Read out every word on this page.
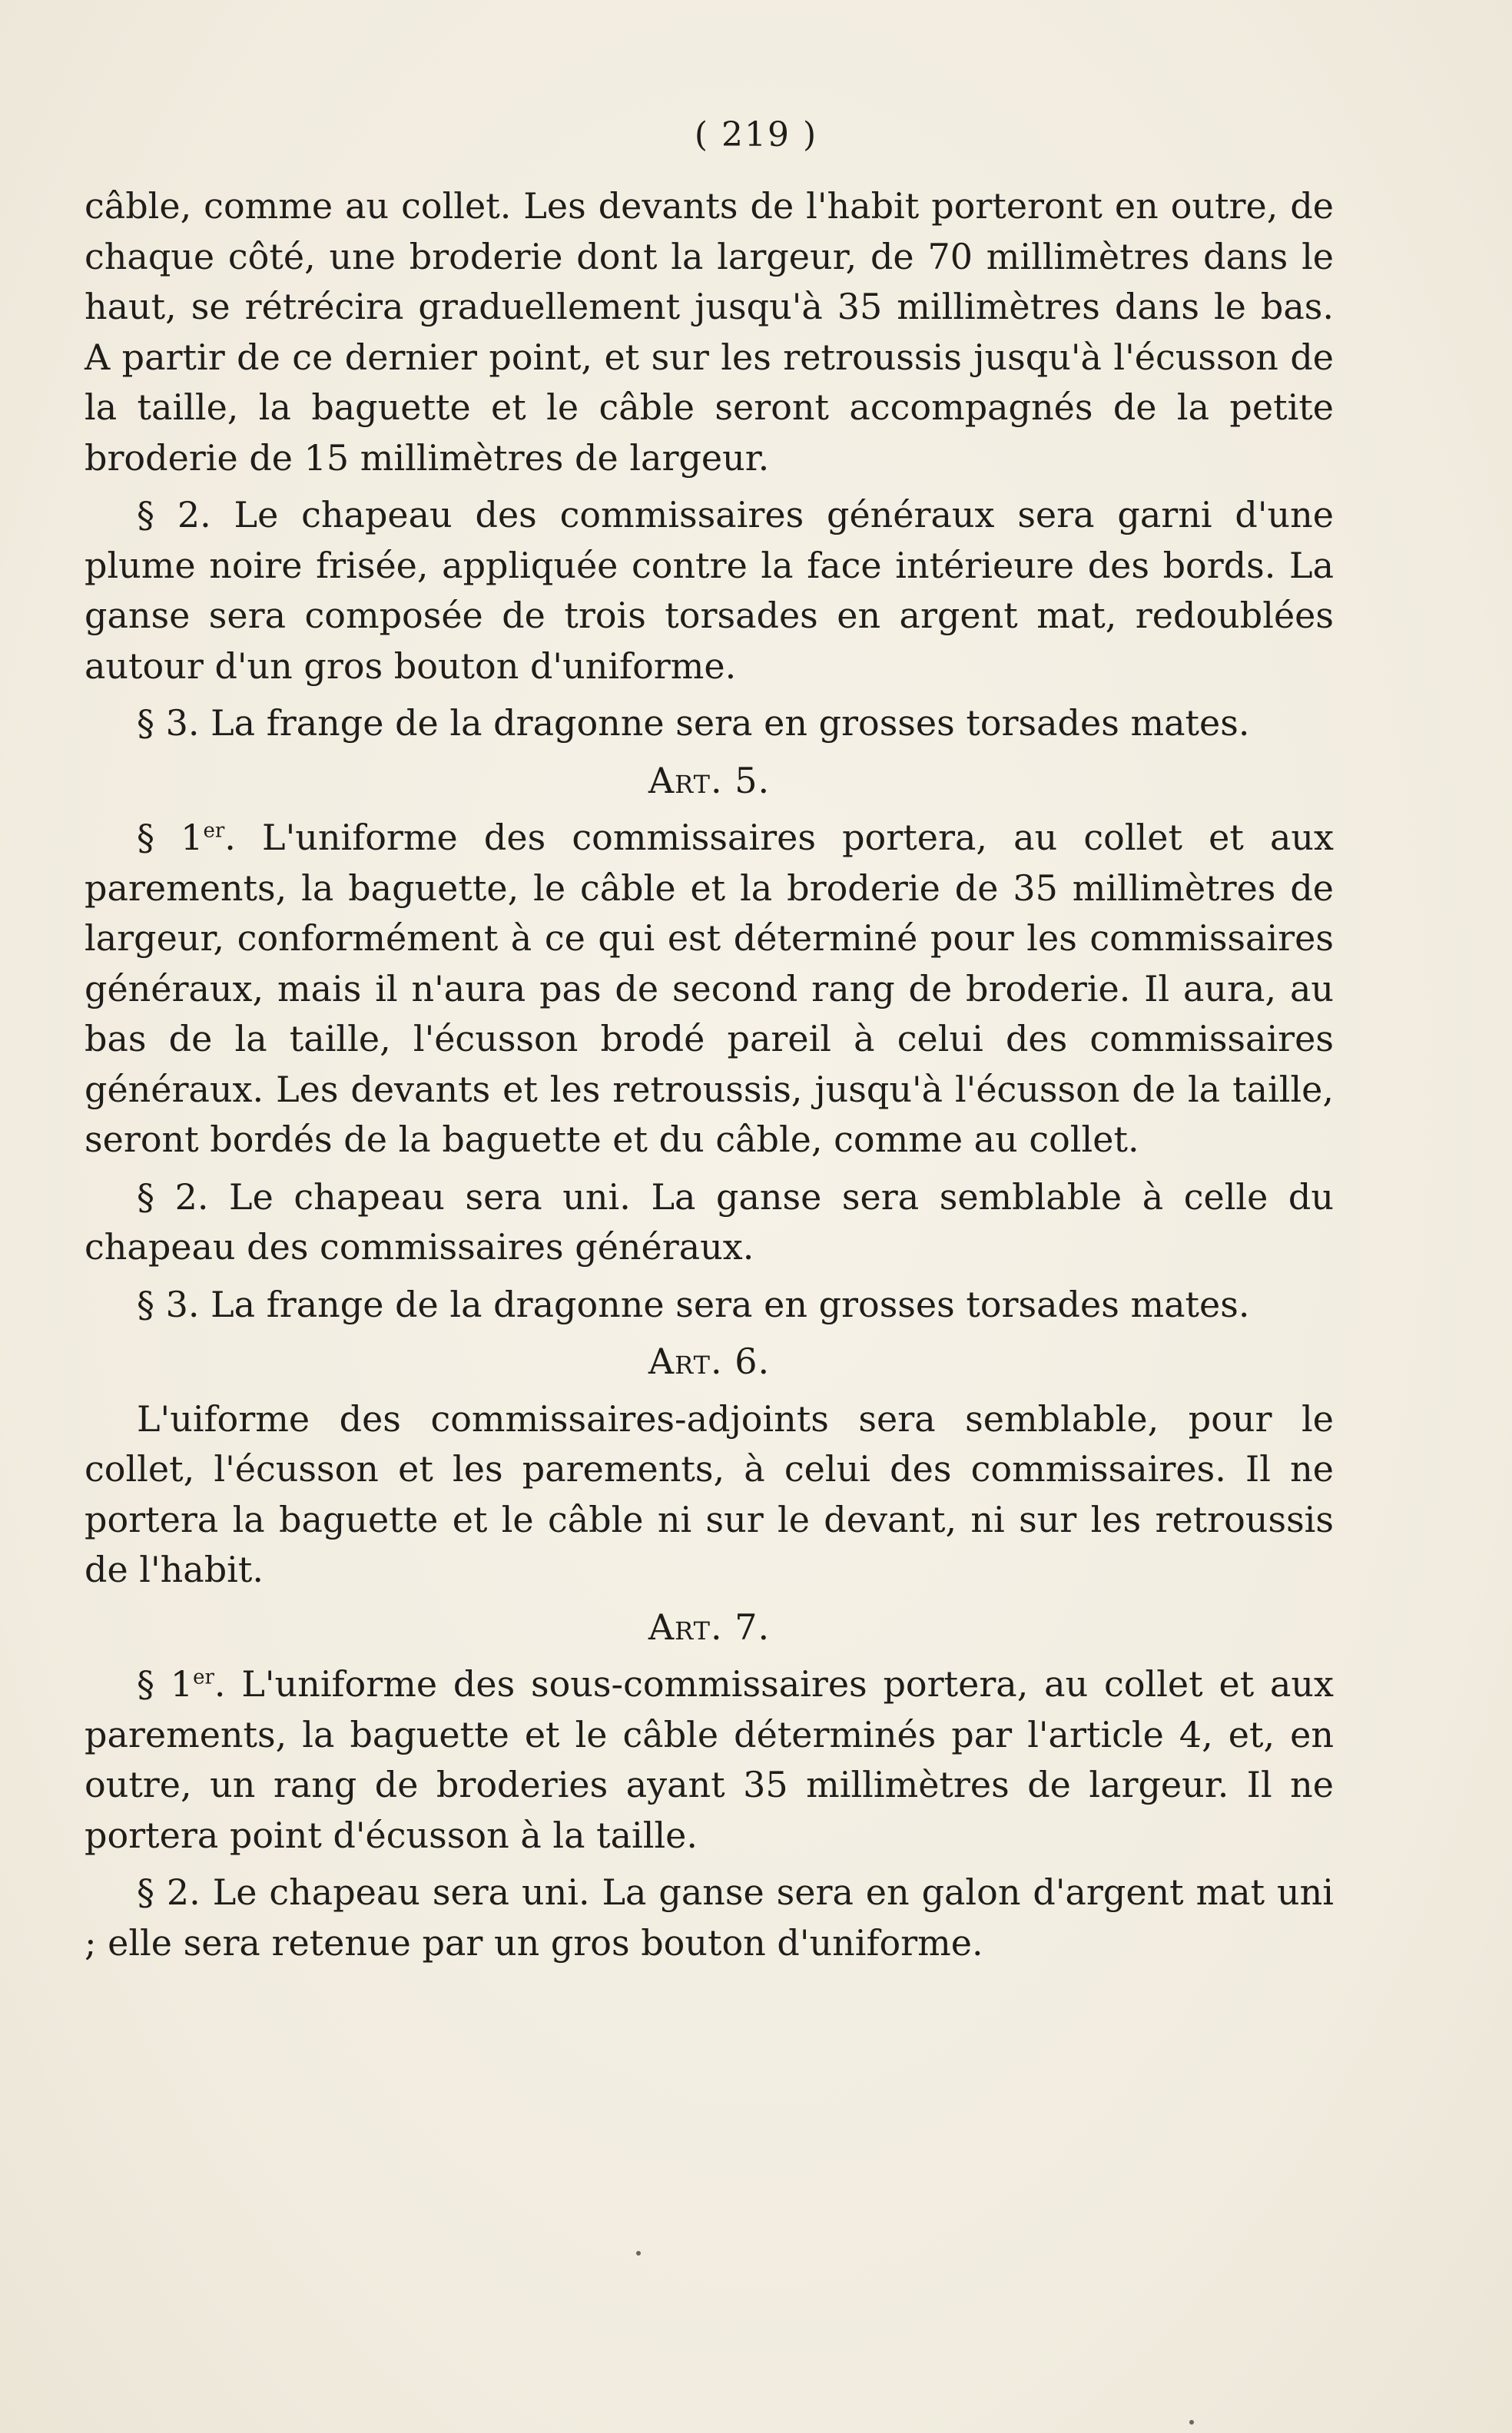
( 219 )

câble, comme au collet. Les devants de l'habit porteront en outre, de chaque côté, une broderie dont la largeur, de 70 millimètres dans le haut, se rétrécira graduellement jusqu'à 35 millimètres dans le bas. A partir de ce dernier point, et sur les retroussis jusqu'à l'écusson de la taille, la baguette et le câble seront accompagnés de la petite broderie de 15 millimètres de largeur.

§ 2. Le chapeau des commissaires généraux sera garni d'une plume noire frisée, appliquée contre la face intérieure des bords. La ganse sera composée de trois torsades en argent mat, redoublées autour d'un gros bouton d'uniforme.

§ 3. La frange de la dragonne sera en grosses torsades mates.

Art. 5.

§ 1er. L'uniforme des commissaires portera, au collet et aux parements, la baguette, le câble et la broderie de 35 millimètres de largeur, conformément à ce qui est déterminé pour les commissaires généraux, mais il n'aura pas de second rang de broderie. Il aura, au bas de la taille, l'écusson brodé pareil à celui des commissaires généraux. Les devants et les retroussis, jusqu'à l'écusson de la taille, seront bordés de la baguette et du câble, comme au collet.

§ 2. Le chapeau sera uni. La ganse sera semblable à celle du chapeau des commissaires généraux.

§ 3. La frange de la dragonne sera en grosses torsades mates.

Art. 6.

L'uiforme des commissaires-adjoints sera semblable, pour le collet, l'écusson et les parements, à celui des commissaires. Il ne portera la baguette et le câble ni sur le devant, ni sur les retroussis de l'habit.

Art. 7.

§ 1er. L'uniforme des sous-commissaires portera, au collet et aux parements, la baguette et le câble déterminés par l'article 4, et, en outre, un rang de broderies ayant 35 millimètres de largeur. Il ne portera point d'écusson à la taille.

§ 2. Le chapeau sera uni. La ganse sera en galon d'argent mat uni ; elle sera retenue par un gros bouton d'uniforme.
